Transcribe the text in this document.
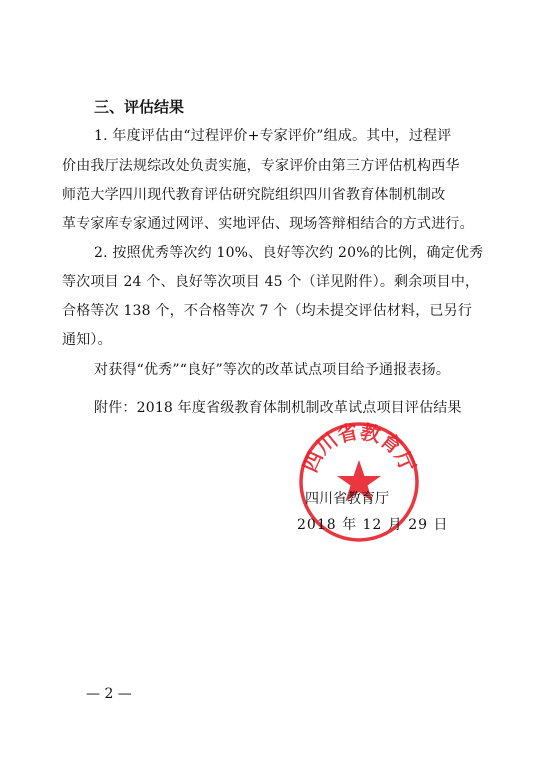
三、评估结果
1. 年度评估由“过程评价+专家评价”组成。其中，过程评
价由我厅法规综改处负责实施，专家评价由第三方评估机构西华
师范大学四川现代教育评估研究院组织四川省教育体制机制改
革专家库专家通过网评、实地评估、现场答辩相结合的方式进行。
2. 按照优秀等次约 10%、良好等次约 20%的比例，确定优秀
等次项目 24 个、良好等次项目 45 个（详见附件）。剩余项目中，
合格等次 138 个，不合格等次 7 个（均未提交评估材料，已另行
通知）。
对获得“优秀”“良好”等次的改革试点项目给予通报表扬。
附件：2018 年度省级教育体制机制改革试点项目评估结果
四川省教育厅
四川省教育厅
2018 年 12 月 29 日
— 2 —
